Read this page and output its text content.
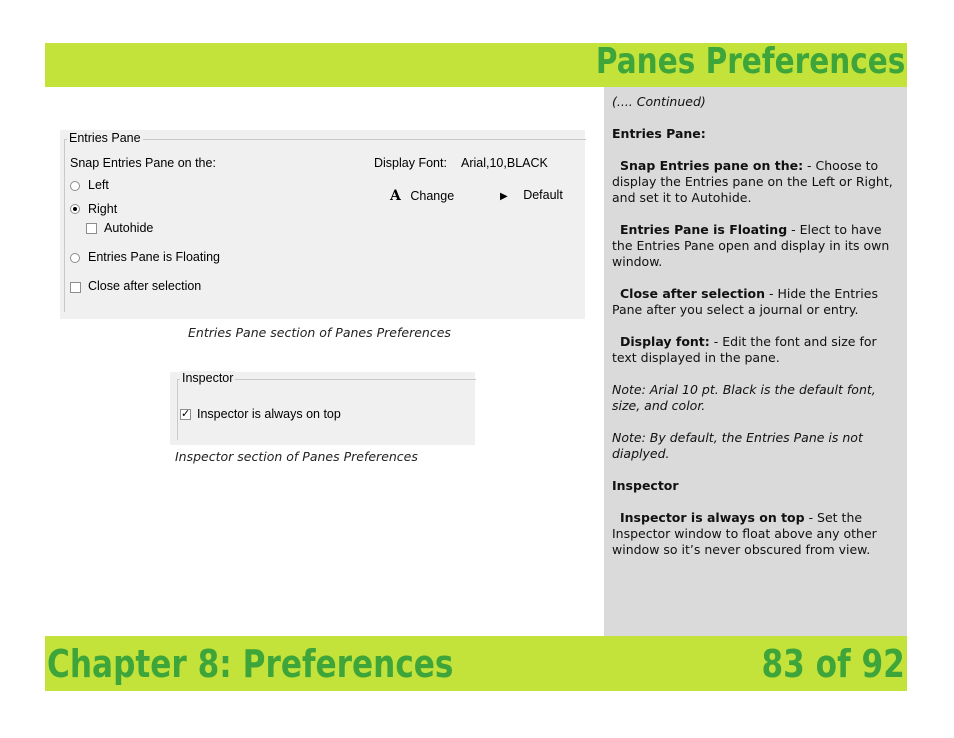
Panes Preferences
Entries Pane
Snap Entries Pane on the:
Left
Right
Autohide
Entries Pane is Floating
Close after selection
Display Font: Arial,10,BLACK
A Change	▶ Default
Entries Pane section of Panes Preferences
Inspector
✓
Inspector is always on top
Inspector section of Panes Preferences

(.... Continued)

Entries Pane:

Snap Entries pane on the: - Choose to display the Entries pane on the Left or Right, and set it to Autohide.

Entries Pane is Floating - Elect to have the Entries Pane open and display in its own window.

Close after selection - Hide the Entries Pane after you select a journal or entry.

Display font: - Edit the font and size for text displayed in the pane.

Note: Arial 10 pt. Black is the default font, size, and color.

Note: By default, the Entries Pane is not diaplyed.

Inspector

Inspector is always on top - Set the Inspector window to float above any other window so it’s never obscured from view.

Chapter 8: Preferences	83 of 92
